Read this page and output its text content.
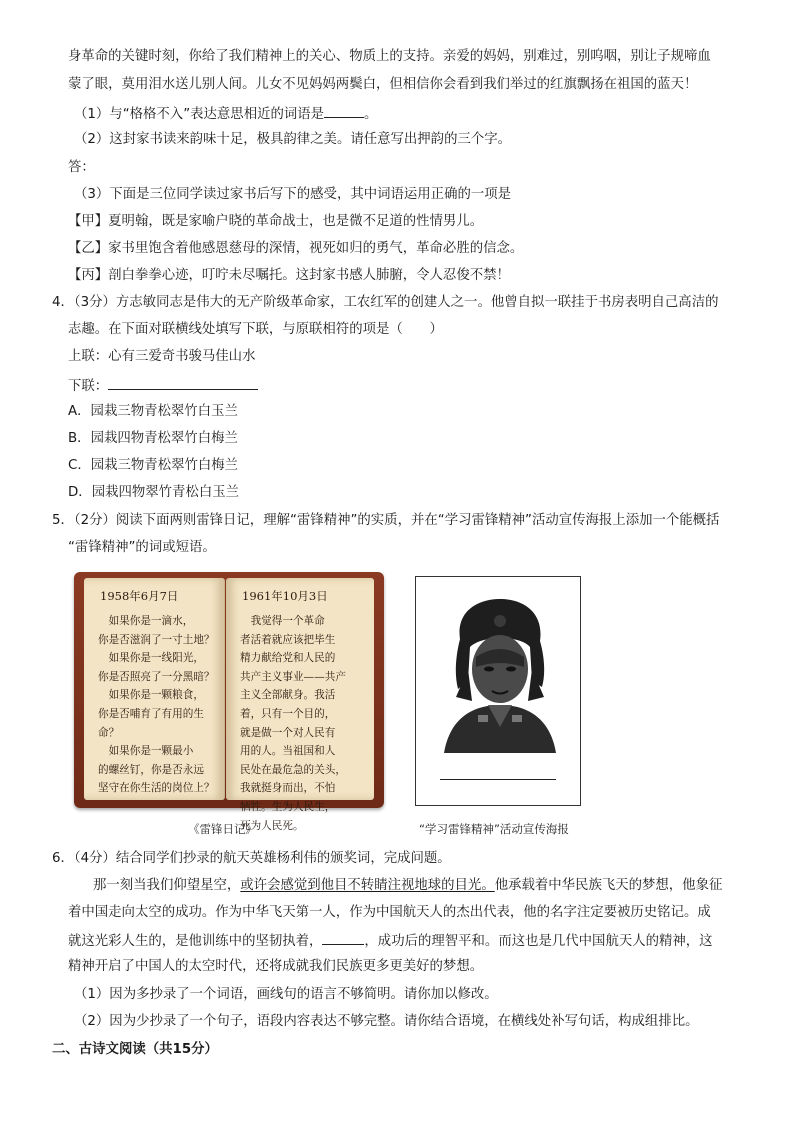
身革命的关键时刻，你给了我们精神上的关心、物质上的支持。亲爱的妈妈，别难过，别呜咽，别让子规啼血
蒙了眼，莫用泪水送儿别人间。儿女不见妈妈两鬓白，但相信你会看到我们举过的红旗飘扬在祖国的蓝天！
（1）与“格格不入”表达意思相近的词语是	。
（2）这封家书读来韵味十足，极具韵律之美。请任意写出押韵的三个字。
答：
（3）下面是三位同学读过家书后写下的感受，其中词语运用正确的一项是
【甲】夏明翰，既是家喻户晓的革命战士，也是微不足道的性情男儿。
【乙】家书里饱含着他感恩慈母的深情，视死如归的勇气，革命必胜的信念。
【丙】剖白拳拳心迹，叮咛未尽嘱托。这封家书感人肺腑，令人忍俊不禁！
4．（3分）方志敏同志是伟大的无产阶级革命家，工农红军的创建人之一。他曾自拟一联挂于书房表明自己高洁的
志趣。在下面对联横线处填写下联，与原联相符的项是（　　）
上联：心有三爱奇书骏马佳山水
下联：
A．园栽三物青松翠竹白玉兰
B．园栽四物青松翠竹白梅兰
C．园栽三物青松翠竹白梅兰
D．园栽四物翠竹青松白玉兰
5．（2分）阅读下面两则雷锋日记，理解“雷锋精神”的实质，并在“学习雷锋精神”活动宣传海报上添加一个能概括
“雷锋精神”的词或短语。
1958年6月7日
　如果你是一滴水，
你是否滋润了一寸土地？
　如果你是一线阳光，
你是否照亮了一分黑暗？
　如果你是一颗粮食，
你是否哺育了有用的生
命？
　如果你是一颗最小
的螺丝钉，你是否永远
坚守在你生活的岗位上？
1961年10月3日
　我觉得一个革命
者活着就应该把毕生
精力献给党和人民的
共产主义事业——共产
主义全部献身。我活
着，只有一个目的，
就是做一个对人民有
用的人。当祖国和人
民处在最危急的关头，
我就挺身而出，不怕
牺牲。生为人民生，
死为人民死。
《雷锋日记》	“学习雷锋精神”活动宣传海报
6．（4分）结合同学们抄录的航天英雄杨利伟的颁奖词，完成问题。
那一刻当我们仰望星空，或许会感觉到他目不转睛注视地球的目光。他承载着中华民族飞天的梦想，他象征
着中国走向太空的成功。作为中华飞天第一人，作为中国航天人的杰出代表，他的名字注定要被历史铭记。成
就这光彩人生的，是他训练中的坚韧执着，	，成功后的理智平和。而这也是几代中国航天人的精神，这
精神开启了中国人的太空时代，还将成就我们民族更多更美好的梦想。
（1）因为多抄录了一个词语，画线句的语言不够简明。请你加以修改。
（2）因为少抄录了一个句子，语段内容表达不够完整。请你结合语境，在横线处补写句话，构成组排比。
二、古诗文阅读（共15分）
